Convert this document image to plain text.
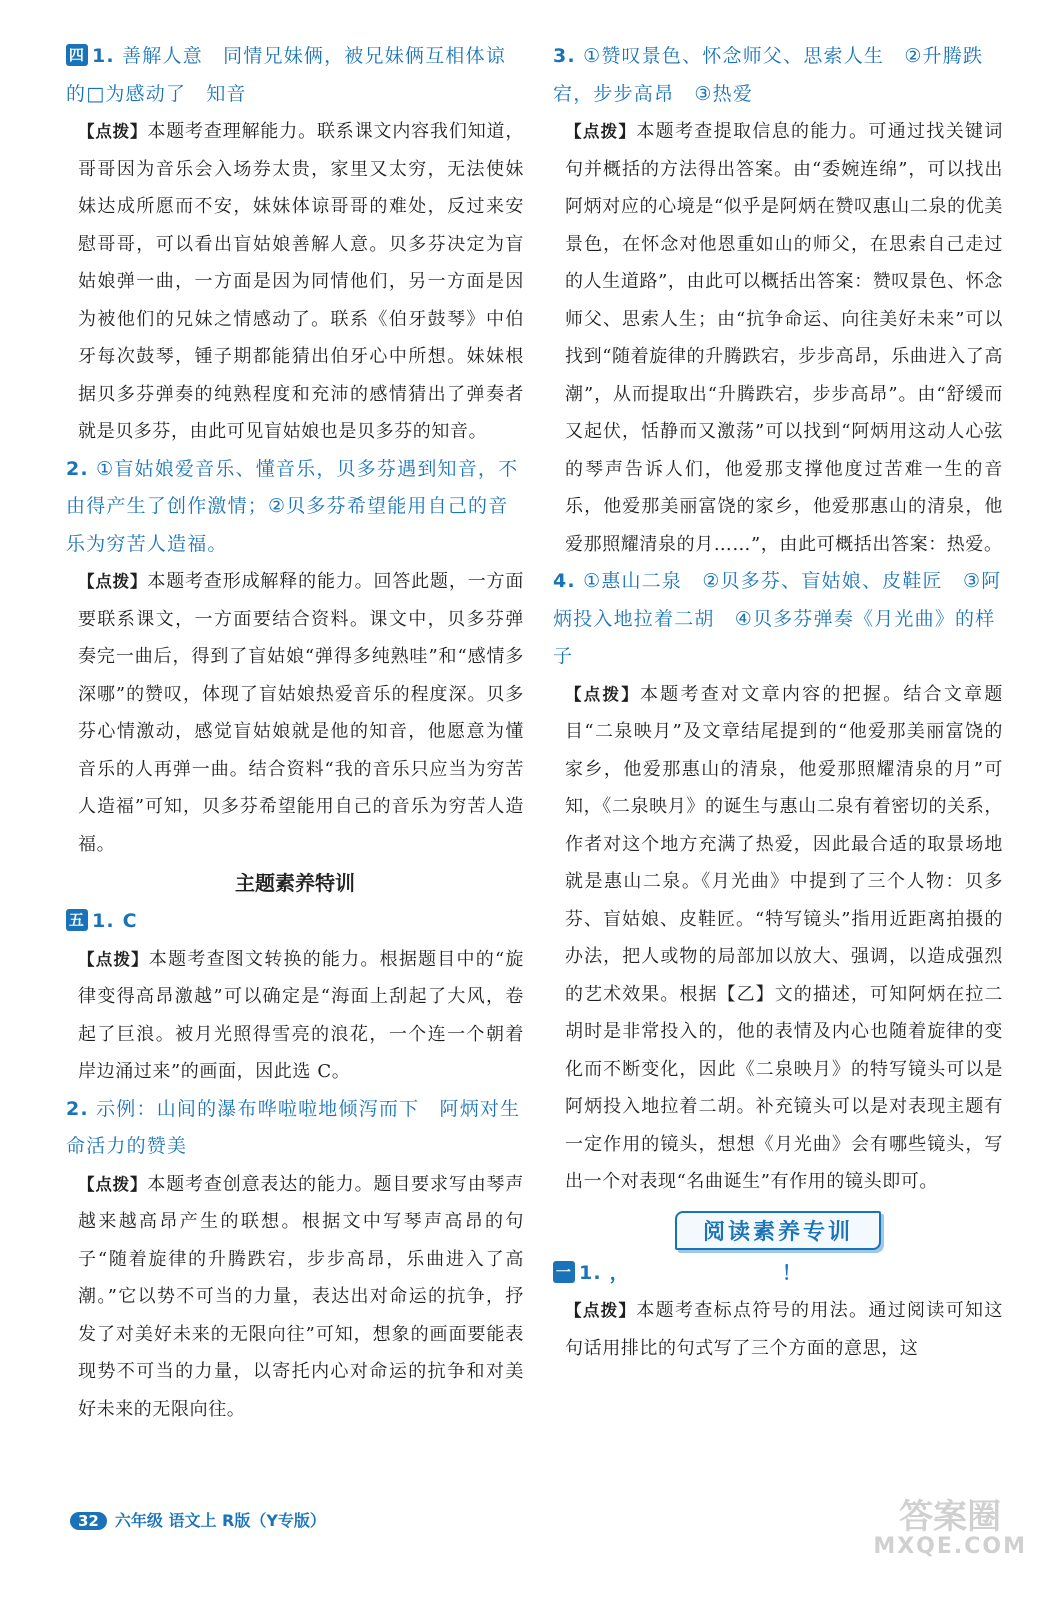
四 1. 善解人意　同情兄妹俩，被兄妹俩互相体谅的□为感动了　知音
【点拨】本题考查理解能力。联系课文内容我们知道，哥哥因为音乐会入场券太贵，家里又太穷，无法使妹妹达成所愿而不安，妹妹体谅哥哥的难处，反过来安慰哥哥，可以看出盲姑娘善解人意。贝多芬决定为盲姑娘弹一曲，一方面是因为同情他们，另一方面是因为被他们的兄妹之情感动了。联系《伯牙鼓琴》中伯牙每次鼓琴，锺子期都能猜出伯牙心中所想。妹妹根据贝多芬弹奏的纯熟程度和充沛的感情猜出了弹奏者就是贝多芬，由此可见盲姑娘也是贝多芬的知音。
2. ①盲姑娘爱音乐、懂音乐，贝多芬遇到知音，不由得产生了创作激情；②贝多芬希望能用自己的音乐为穷苦人造福。
【点拨】本题考查形成解释的能力。回答此题，一方面要联系课文，一方面要结合资料。课文中，贝多芬弹奏完一曲后，得到了盲姑娘“弹得多纯熟哇”和“感情多深哪”的赞叹，体现了盲姑娘热爱音乐的程度深。贝多芬心情激动，感觉盲姑娘就是他的知音，他愿意为懂音乐的人再弹一曲。结合资料“我的音乐只应当为穷苦人造福”可知，贝多芬希望能用自己的音乐为穷苦人造福。
主题素养特训
五 1. C
【点拨】本题考查图文转换的能力。根据题目中的“旋律变得高昂激越”可以确定是“海面上刮起了大风，卷起了巨浪。被月光照得雪亮的浪花，一个连一个朝着岸边涌过来”的画面，因此选 C。
2. 示例：山间的瀑布哗啦啦地倾泻而下　阿炳对生命活力的赞美
【点拨】本题考查创意表达的能力。题目要求写由琴声越来越高昂产生的联想。根据文中写琴声高昂的句子“随着旋律的升腾跌宕，步步高昂，乐曲进入了高潮。”它以势不可当的力量，表达出对命运的抗争，抒发了对美好未来的无限向往”可知，想象的画面要能表现势不可当的力量，以寄托内心对命运的抗争和对美好未来的无限向往。
3. ①赞叹景色、怀念师父、思索人生　②升腾跌宕，步步高昂　③热爱
【点拨】本题考查提取信息的能力。可通过找关键词句并概括的方法得出答案。由“委婉连绵”，可以找出阿炳对应的心境是“似乎是阿炳在赞叹惠山二泉的优美景色，在怀念对他恩重如山的师父，在思索自己走过的人生道路”，由此可以概括出答案：赞叹景色、怀念师父、思索人生；由“抗争命运、向往美好未来”可以找到“随着旋律的升腾跌宕，步步高昂，乐曲进入了高潮”，从而提取出“升腾跌宕，步步高昂”。由“舒缓而又起伏，恬静而又激荡”可以找到“阿炳用这动人心弦的琴声告诉人们，他爱那支撑他度过苦难一生的音乐，他爱那美丽富饶的家乡，他爱那惠山的清泉，他爱那照耀清泉的月……”，由此可概括出答案：热爱。
4. ①惠山二泉　②贝多芬、盲姑娘、皮鞋匠　③阿炳投入地拉着二胡　④贝多芬弹奏《月光曲》的样子
【点拨】本题考查对文章内容的把握。结合文章题目“二泉映月”及文章结尾提到的“他爱那美丽富饶的家乡，他爱那惠山的清泉，他爱那照耀清泉的月”可知，《二泉映月》的诞生与惠山二泉有着密切的关系，作者对这个地方充满了热爱，因此最合适的取景场地就是惠山二泉。《月光曲》中提到了三个人物：贝多芬、盲姑娘、皮鞋匠。“特写镜头”指用近距离拍摄的办法，把人或物的局部加以放大、强调，以造成强烈的艺术效果。根据【乙】文的描述，可知阿炳在拉二胡时是非常投入的，他的表情及内心也随着旋律的变化而不断变化，因此《二泉映月》的特写镜头可以是阿炳投入地拉着二胡。补充镜头可以是对表现主题有一定作用的镜头，想想《月光曲》会有哪些镜头，写出一个对表现“名曲诞生”有作用的镜头即可。
阅读素养专训
一 1. ，　　　　　　　　！
【点拨】本题考查标点符号的用法。通过阅读可知这句话用排比的句式写了三个方面的意思，这
32 六年级 语文上 R版（Y专版）	答案圈
MXQE.COM
